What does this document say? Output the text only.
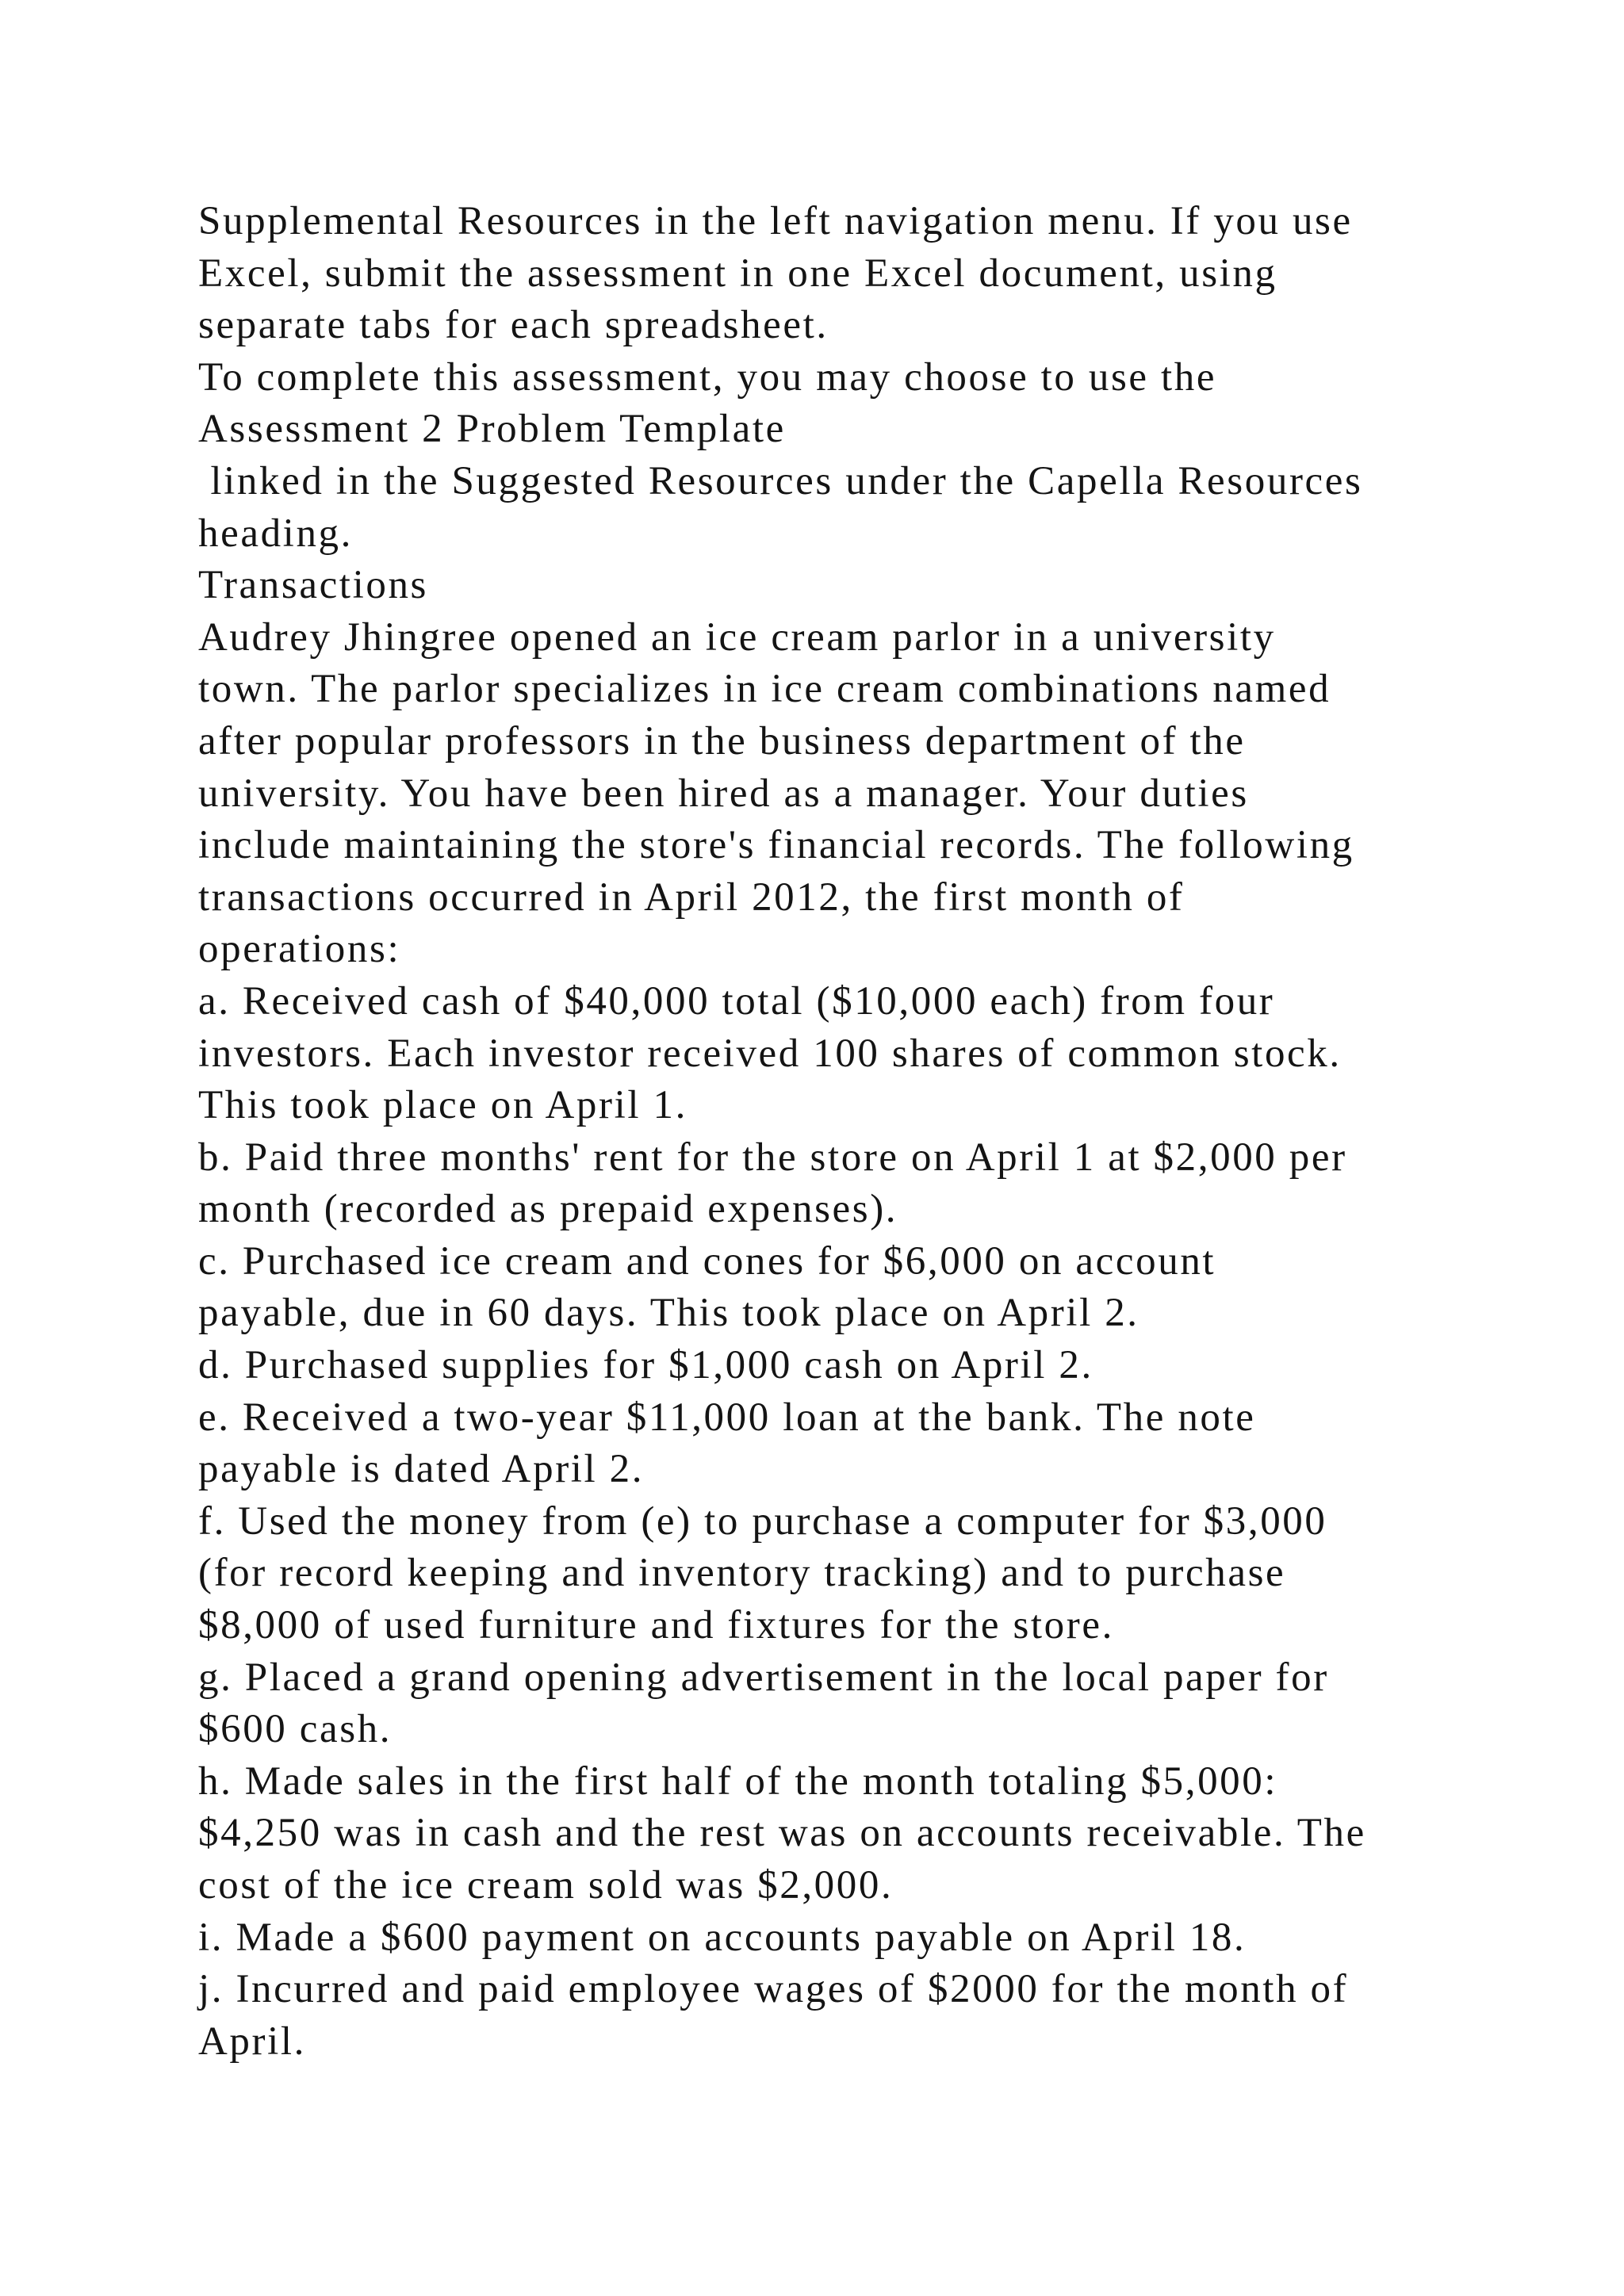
Supplemental Resources in the left navigation menu. If you use
Excel, submit the assessment in one Excel document, using
separate tabs for each spreadsheet.
To complete this assessment, you may choose to use the
Assessment 2 Problem Template
linked in the Suggested Resources under the Capella Resources
heading.
Transactions
Audrey Jhingree opened an ice cream parlor in a university
town. The parlor specializes in ice cream combinations named
after popular professors in the business department of the
university. You have been hired as a manager. Your duties
include maintaining the store's financial records. The following
transactions occurred in April 2012, the first month of
operations:
a. Received cash of $40,000 total ($10,000 each) from four
investors. Each investor received 100 shares of common stock.
This took place on April 1.
b. Paid three months' rent for the store on April 1 at $2,000 per
month (recorded as prepaid expenses).
c. Purchased ice cream and cones for $6,000 on account
payable, due in 60 days. This took place on April 2.
d. Purchased supplies for $1,000 cash on April 2.
e. Received a two-year $11,000 loan at the bank. The note
payable is dated April 2.
f. Used the money from (e) to purchase a computer for $3,000
(for record keeping and inventory tracking) and to purchase
$8,000 of used furniture and fixtures for the store.
g. Placed a grand opening advertisement in the local paper for
$600 cash.
h. Made sales in the first half of the month totaling $5,000:
$4,250 was in cash and the rest was on accounts receivable. The
cost of the ice cream sold was $2,000.
i. Made a $600 payment on accounts payable on April 18.
j. Incurred and paid employee wages of $2000 for the month of
April.
